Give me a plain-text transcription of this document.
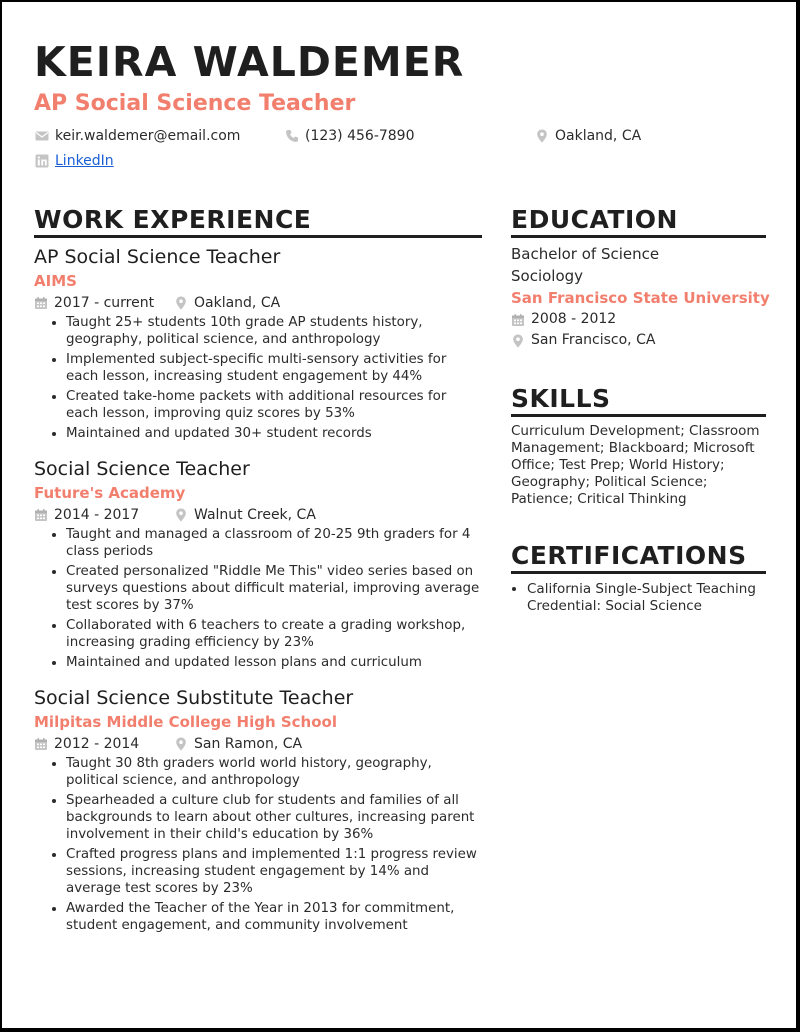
KEIRA WALDEMER
AP Social Science Teacher
keir.waldemer@email.com	(123) 456-7890	Oakland, CA
LinkedIn
WORK EXPERIENCE
AP Social Science Teacher
AIMS
2017 - current	Oakland, CA
• Taught 25+ students 10th grade AP students history, geography, political science, and anthropology
• Implemented subject-specific multi-sensory activities for each lesson, increasing student engagement by 44%
• Created take-home packets with additional resources for each lesson, improving quiz scores by 53%
• Maintained and updated 30+ student records
Social Science Teacher
Future's Academy
2014 - 2017	Walnut Creek, CA
• Taught and managed a classroom of 20-25 9th graders for 4 class periods
• Created personalized "Riddle Me This" video series based on surveys questions about difficult material, improving average test scores by 37%
• Collaborated with 6 teachers to create a grading workshop, increasing grading efficiency by 23%
• Maintained and updated lesson plans and curriculum
Social Science Substitute Teacher
Milpitas Middle College High School
2012 - 2014	San Ramon, CA
• Taught 30 8th graders world world history, geography, political science, and anthropology
• Spearheaded a culture club for students and families of all backgrounds to learn about other cultures, increasing parent involvement in their child's education by 36%
• Crafted progress plans and implemented 1:1 progress review sessions, increasing student engagement by 14% and average test scores by 23%
• Awarded the Teacher of the Year in 2013 for commitment, student engagement, and community involvement
EDUCATION
Bachelor of Science
Sociology
San Francisco State University
2008 - 2012
San Francisco, CA
SKILLS
Curriculum Development; Classroom Management; Blackboard; Microsoft Office; Test Prep; World History; Geography; Political Science; Patience; Critical Thinking
CERTIFICATIONS
• California Single-Subject Teaching Credential: Social Science
